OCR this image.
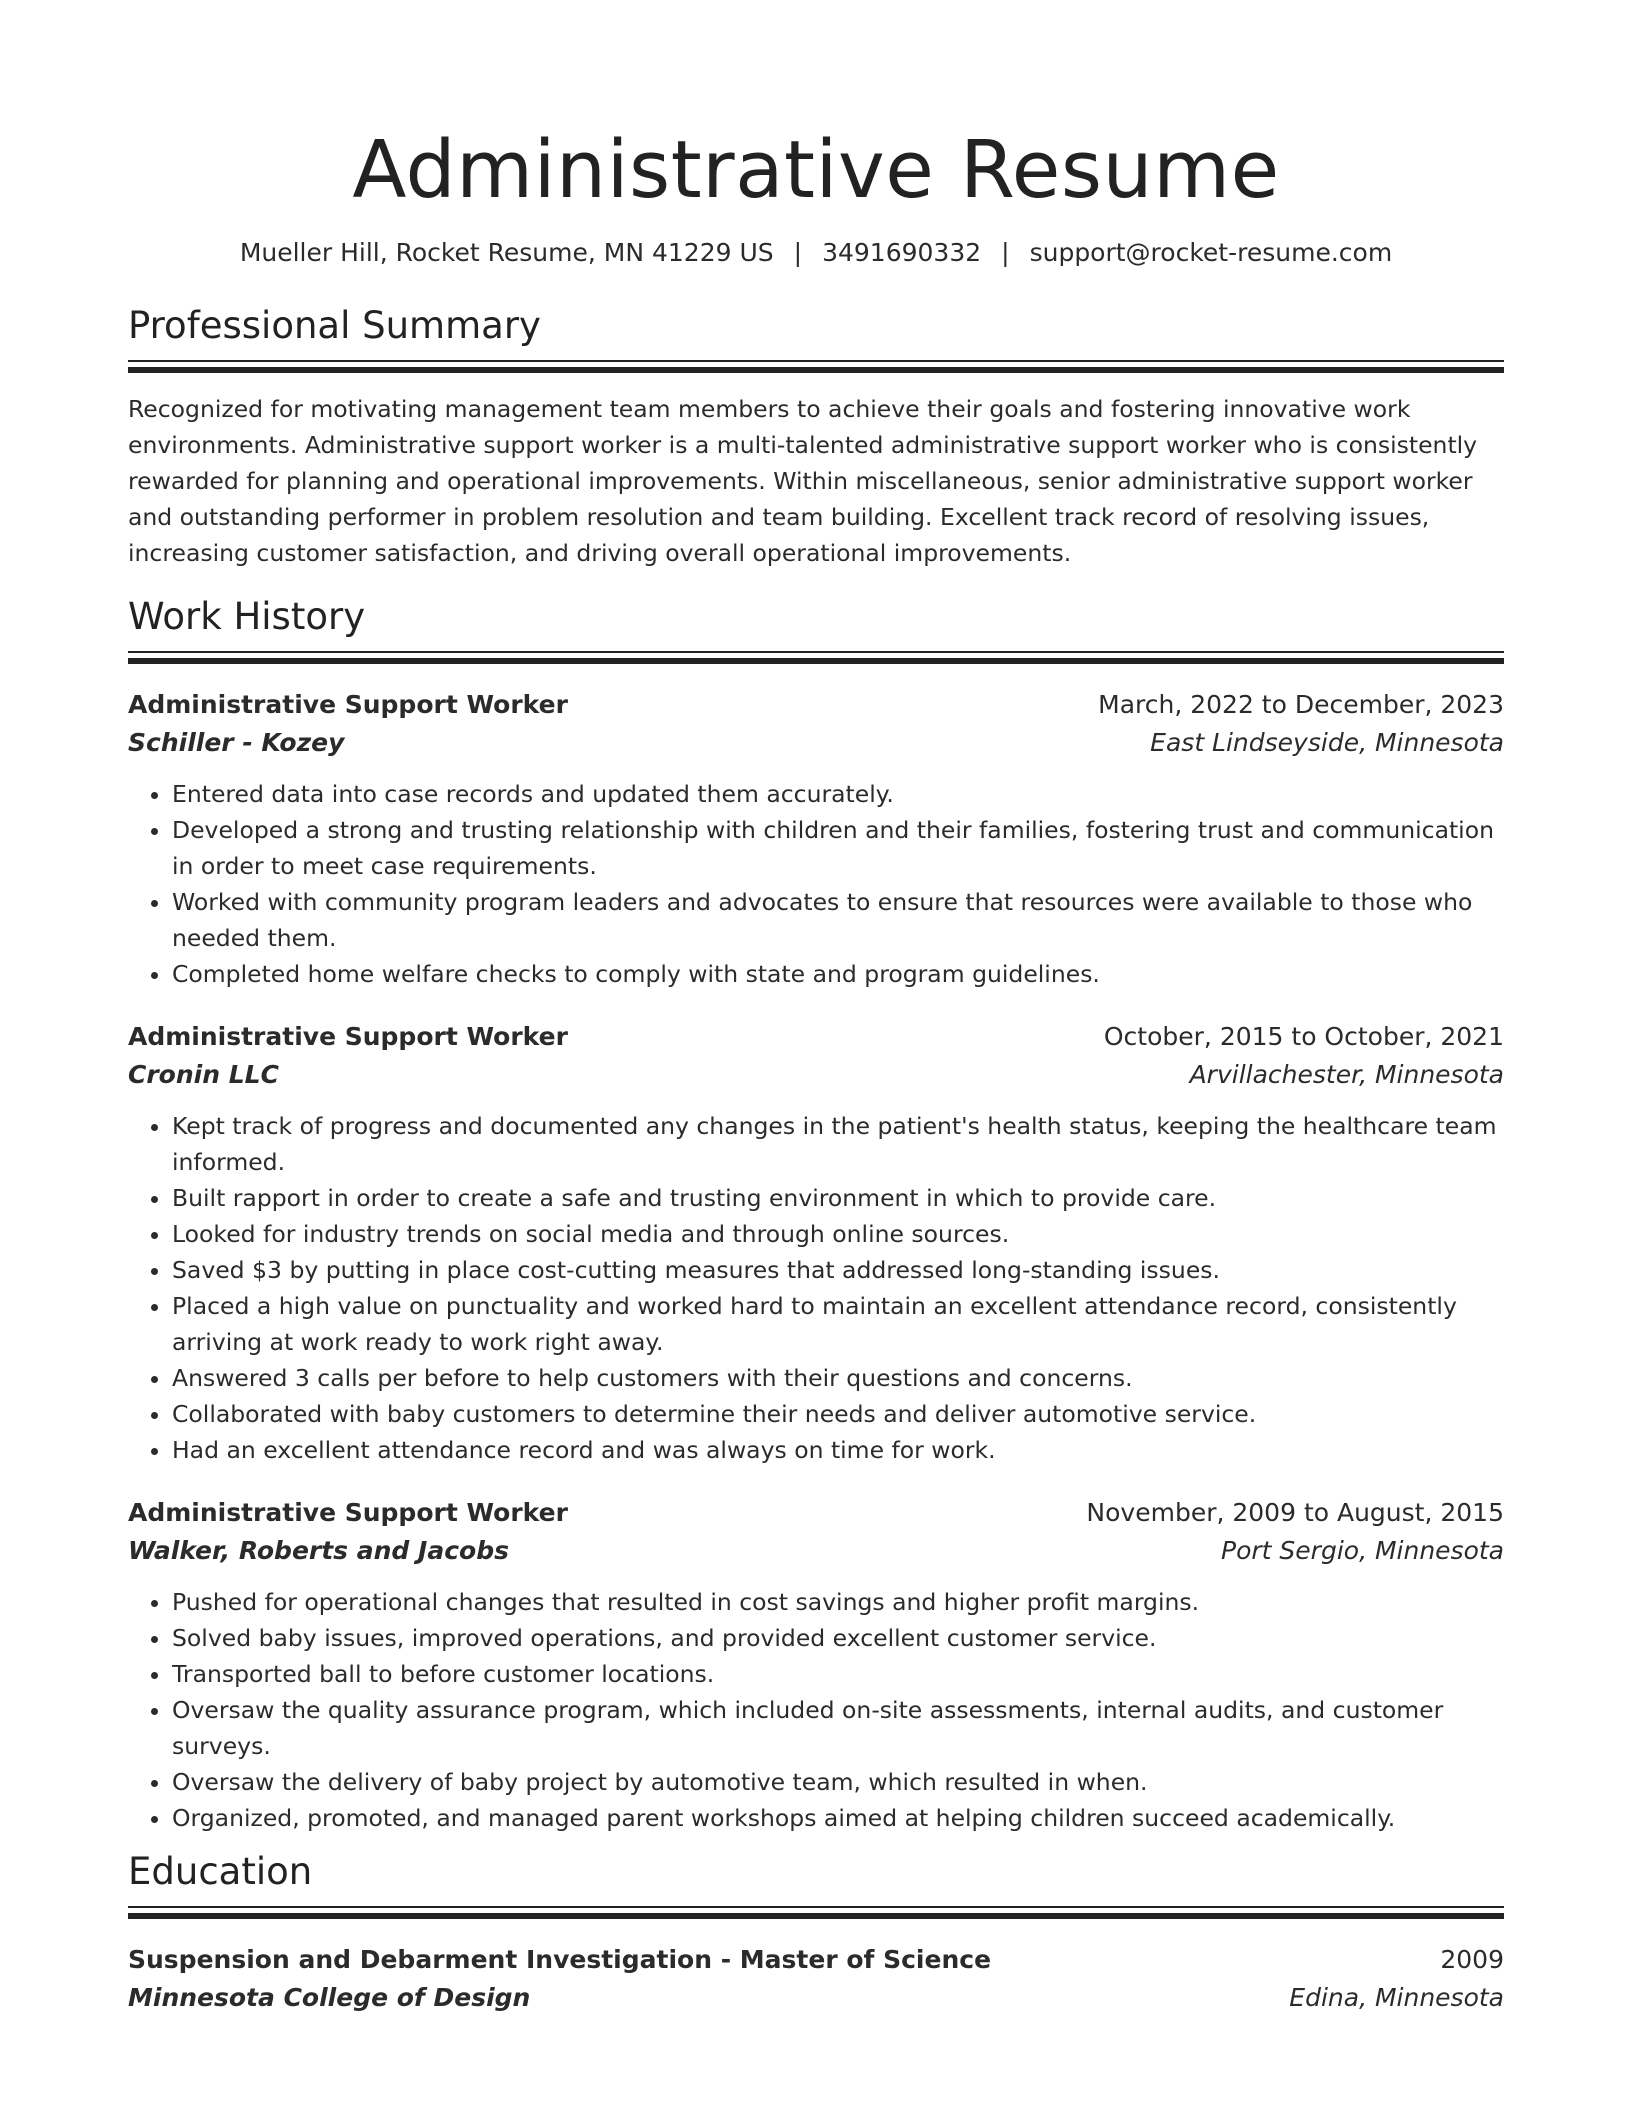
Administrative Resume
Mueller Hill, Rocket Resume, MN 41229 US | 3491690332 | support@rocket-resume.com
Professional Summary
Recognized for motivating management team members to achieve their goals and fostering innovative work environments. Administrative support worker is a multi-talented administrative support worker who is consistently rewarded for planning and operational improvements. Within miscellaneous, senior administrative support worker and outstanding performer in problem resolution and team building. Excellent track record of resolving issues, increasing customer satisfaction, and driving overall operational improvements.
Work History
Administrative Support Worker	March, 2022 to December, 2023
Schiller - Kozey	East Lindseyside, Minnesota
• Entered data into case records and updated them accurately.
• Developed a strong and trusting relationship with children and their families, fostering trust and communication in order to meet case requirements.
• Worked with community program leaders and advocates to ensure that resources were available to those who needed them.
• Completed home welfare checks to comply with state and program guidelines.
Administrative Support Worker	October, 2015 to October, 2021
Cronin LLC	Arvillachester, Minnesota
• Kept track of progress and documented any changes in the patient's health status, keeping the healthcare team informed.
• Built rapport in order to create a safe and trusting environment in which to provide care.
• Looked for industry trends on social media and through online sources.
• Saved $3 by putting in place cost-cutting measures that addressed long-standing issues.
• Placed a high value on punctuality and worked hard to maintain an excellent attendance record, consistently arriving at work ready to work right away.
• Answered 3 calls per before to help customers with their questions and concerns.
• Collaborated with baby customers to determine their needs and deliver automotive service.
• Had an excellent attendance record and was always on time for work.
Administrative Support Worker	November, 2009 to August, 2015
Walker, Roberts and Jacobs	Port Sergio, Minnesota
• Pushed for operational changes that resulted in cost savings and higher profit margins.
• Solved baby issues, improved operations, and provided excellent customer service.
• Transported ball to before customer locations.
• Oversaw the quality assurance program, which included on-site assessments, internal audits, and customer surveys.
• Oversaw the delivery of baby project by automotive team, which resulted in when.
• Organized, promoted, and managed parent workshops aimed at helping children succeed academically.
Education
Suspension and Debarment Investigation - Master of Science	2009
Minnesota College of Design	Edina, Minnesota
